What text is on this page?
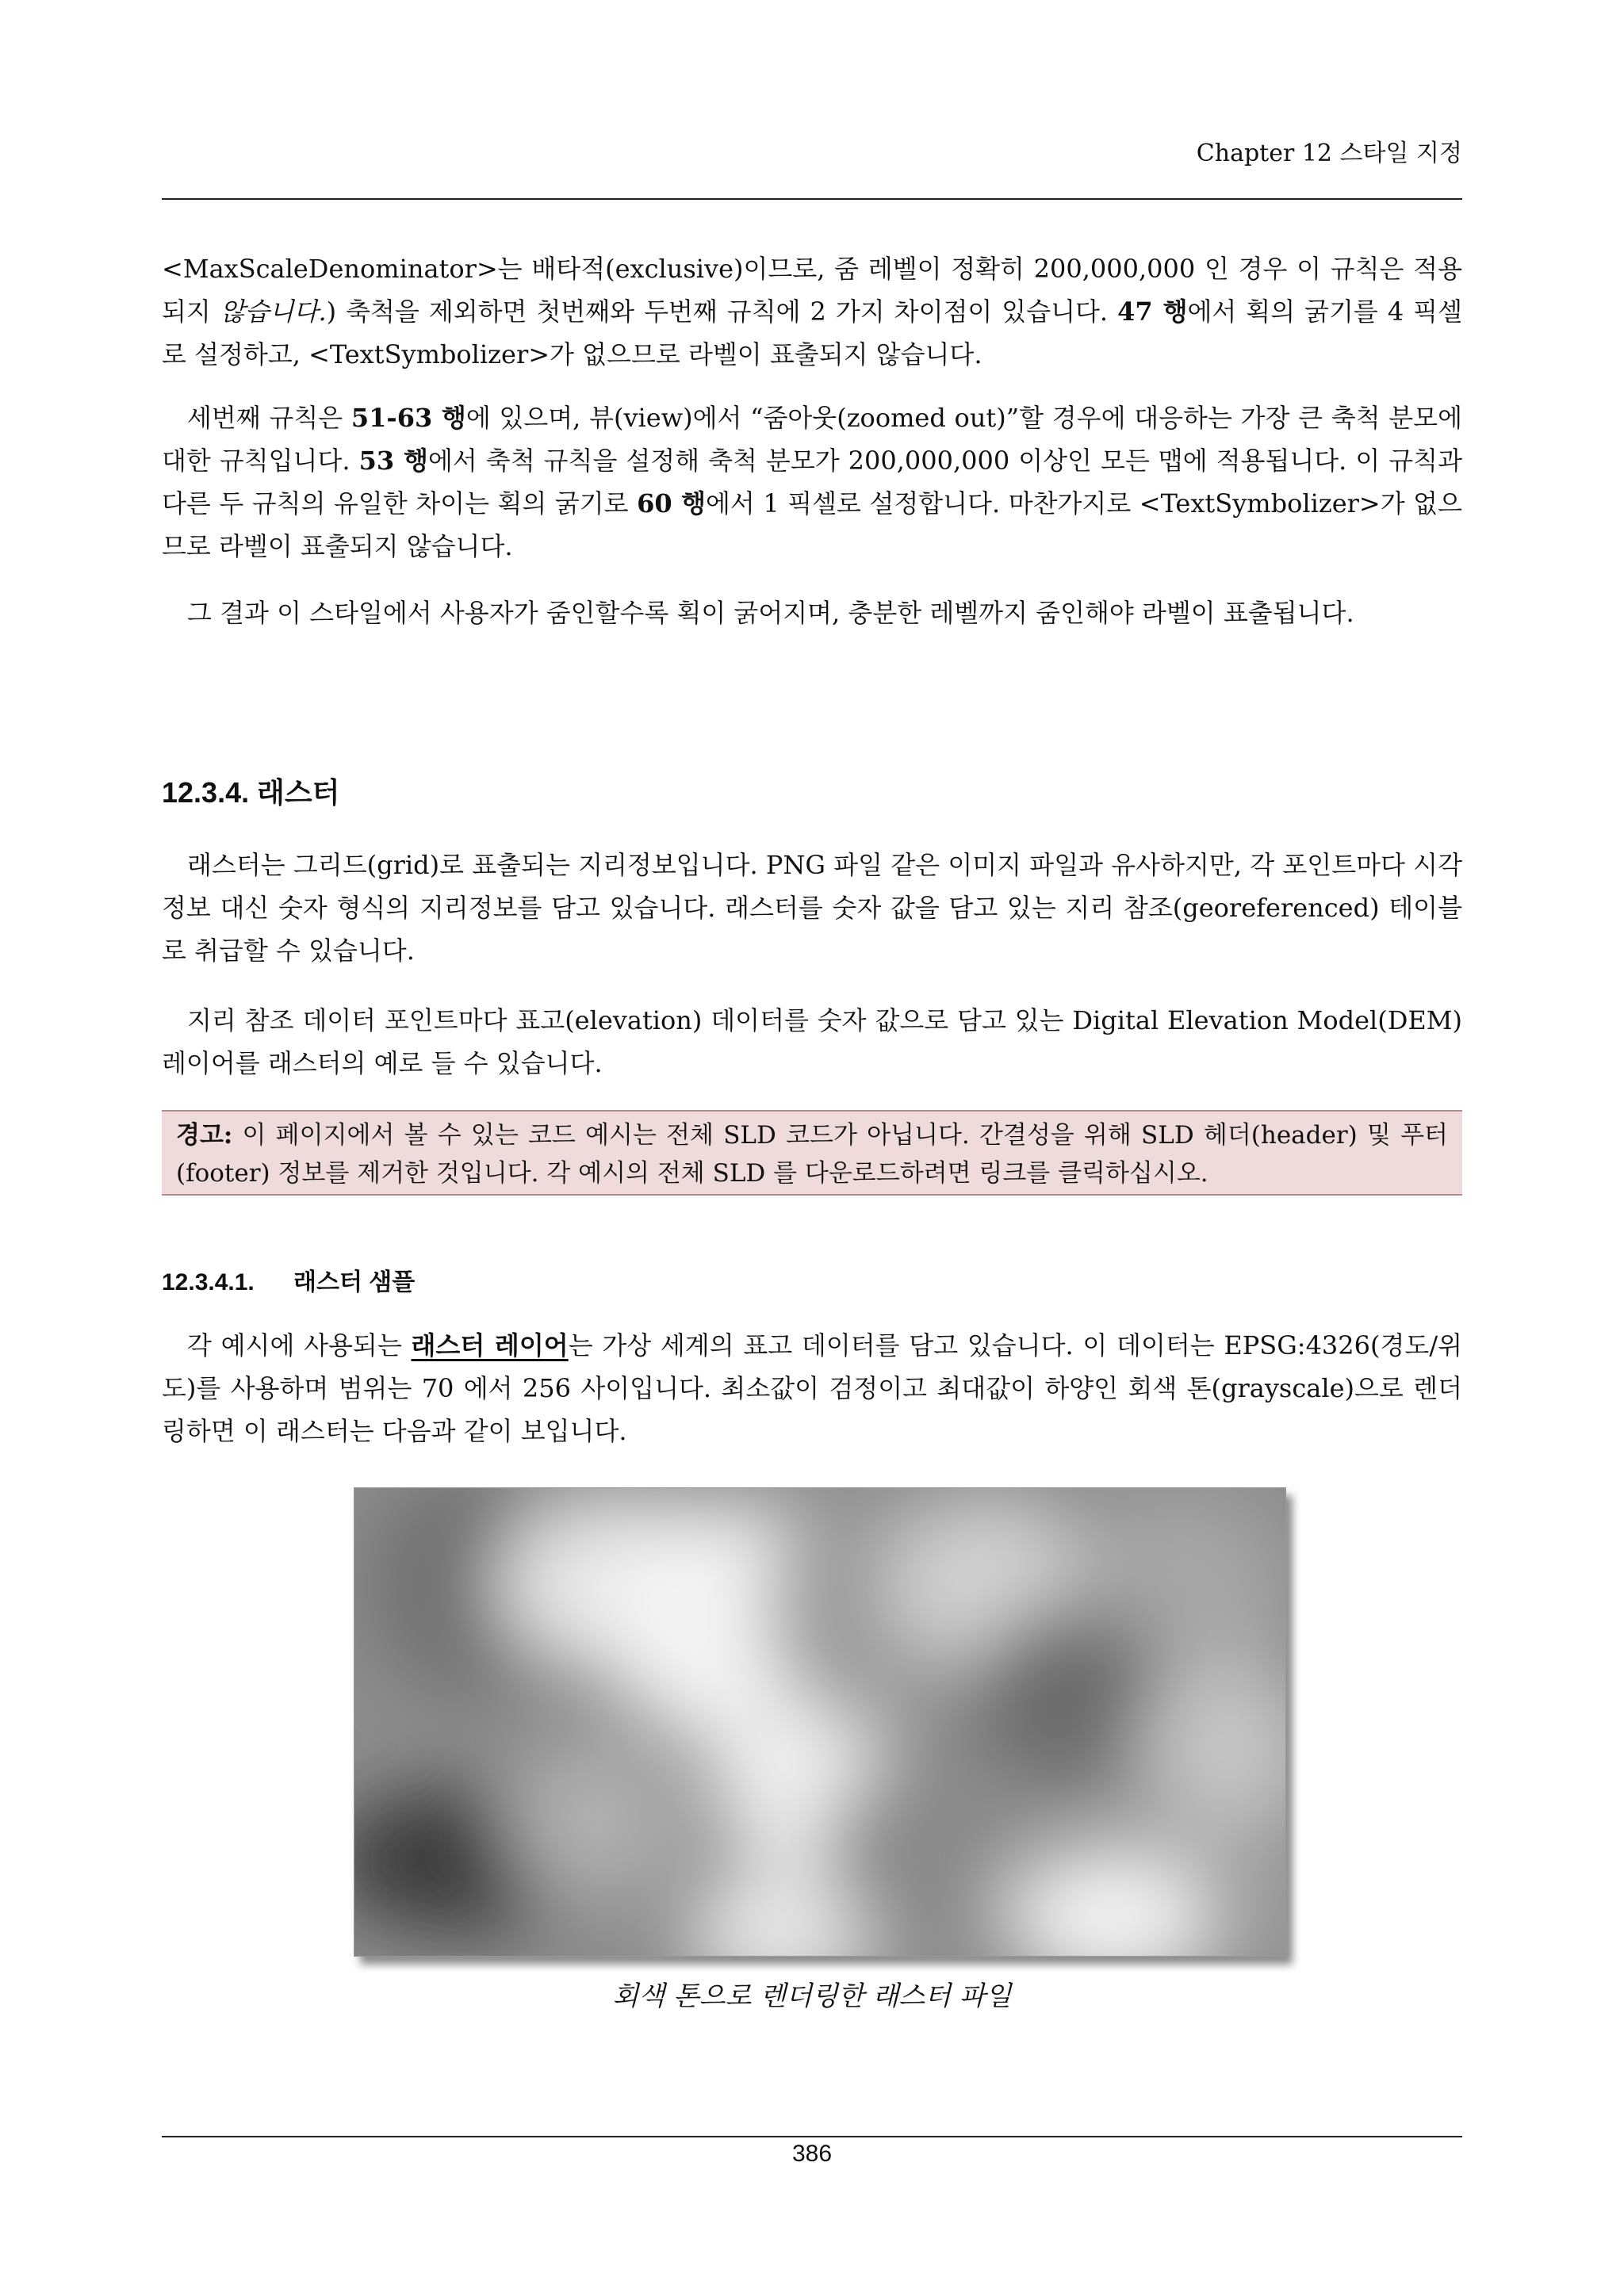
Chapter 12 스타일 지정

<MaxScaleDenominator>는 배타적(exclusive)이므로, 줌 레벨이 정확히 200,000,000 인 경우 이 규칙은 적용되지 않습니다.) 축척을 제외하면 첫번째와 두번째 규칙에 2 가지 차이점이 있습니다. 47 행에서 획의 굵기를 4 픽셀로 설정하고, <TextSymbolizer>가 없으므로 라벨이 표출되지 않습니다.

세번째 규칙은 51-63 행에 있으며, 뷰(view)에서 “줌아웃(zoomed out)”할 경우에 대응하는 가장 큰 축척 분모에 대한 규칙입니다. 53 행에서 축척 규칙을 설정해 축척 분모가 200,000,000 이상인 모든 맵에 적용됩니다. 이 규칙과 다른 두 규칙의 유일한 차이는 획의 굵기로 60 행에서 1 픽셀로 설정합니다. 마찬가지로 <TextSymbolizer>가 없으므로 라벨이 표출되지 않습니다.

그 결과 이 스타일에서 사용자가 줌인할수록 획이 굵어지며, 충분한 레벨까지 줌인해야 라벨이 표출됩니다.

12.3.4. 래스터

래스터는 그리드(grid)로 표출되는 지리정보입니다. PNG 파일 같은 이미지 파일과 유사하지만, 각 포인트마다 시각 정보 대신 숫자 형식의 지리정보를 담고 있습니다. 래스터를 숫자 값을 담고 있는 지리 참조(georeferenced) 테이블로 취급할 수 있습니다.

지리 참조 데이터 포인트마다 표고(elevation) 데이터를 숫자 값으로 담고 있는 Digital Elevation Model(DEM) 레이어를 래스터의 예로 들 수 있습니다.

경고: 이 페이지에서 볼 수 있는 코드 예시는 전체 SLD 코드가 아닙니다. 간결성을 위해 SLD 헤더(header) 및 푸터(footer) 정보를 제거한 것입니다. 각 예시의 전체 SLD 를 다운로드하려면 링크를 클릭하십시오.
12.3.4.1. 래스터 샘플

각 예시에 사용되는 래스터 레이어는 가상 세계의 표고 데이터를 담고 있습니다. 이 데이터는 EPSG:4326(경도/위도)를 사용하며 범위는 70 에서 256 사이입니다. 최소값이 검정이고 최대값이 하양인 회색 톤(grayscale)으로 렌더링하면 이 래스터는 다음과 같이 보입니다.

회색 톤으로 렌더링한 래스터 파일
386
